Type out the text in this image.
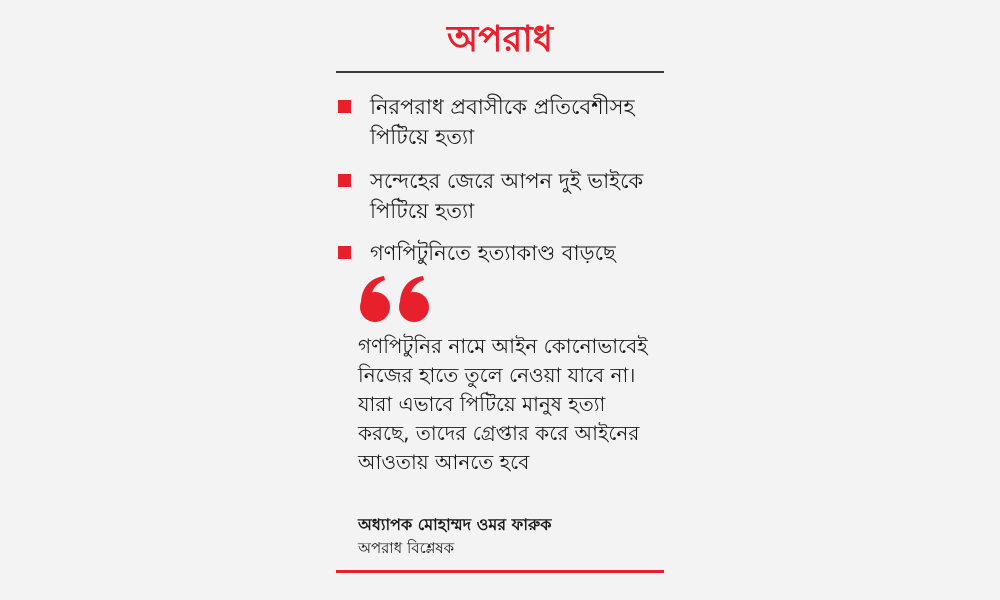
অপরাধ
নিরপরাধ প্রবাসীকে প্রতিবেশীসহ পিটিয়ে হত্যা
সন্দেহের জেরে আপন দুই ভাইকে পিটিয়ে হত্যা
গণপিটুনিতে হত্যাকাণ্ড বাড়ছে
গণপিটুনির নামে আইন কোনোভাবেই নিজের হাতে তুলে নেওয়া যাবে না। যারা এভাবে পিটিয়ে মানুষ হত্যা করছে, তাদের গ্রেপ্তার করে আইনের আওতায় আনতে হবে
অধ্যাপক মোহাম্মদ ওমর ফারুক
অপরাধ বিশ্লেষক
